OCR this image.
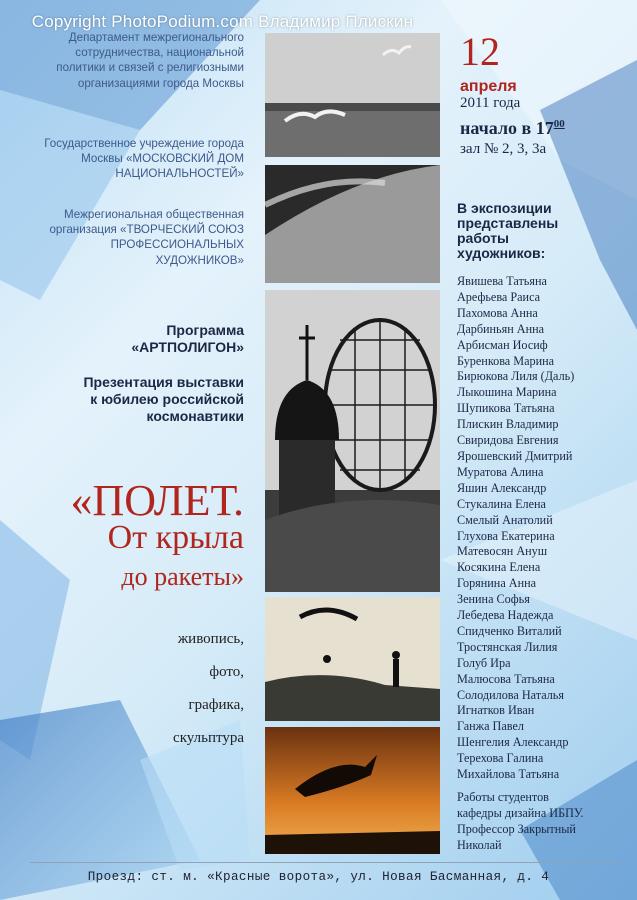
Copyright PhotoPodium.com Владимир Плискин
Департамент межрегионального сотрудничества, национальной политики и связей с религиозными организациями города Москвы
Государственное учреждение города Москвы «МОСКОВСКИЙ ДОМ НАЦИОНАЛЬНОСТЕЙ»
Межрегиональная общественная организация «ТВОРЧЕСКИЙ СОЮЗ ПРОФЕССИОНАЛЬНЫХ ХУДОЖНИКОВ»
Программа
«АРТПОЛИГОН»
Презентация выставки
к юбилею российской
космонавтики
«ПОЛЕТ.
От крыла
до ракеты»
живопись,
фото,
графика,
скульптура
12
апреля
2011 года
начало в $17^{00}$
зал № 2, 3, 3а
В экспозиции
представлены
работы
художников:
Явишева Татьяна
Арефьева Раиса
Пахомова Анна
Дарбиньян Анна
Арбисман Иосиф
Буренкова Марина
Бирюкова Лиля (Даль)
Лыкошина Марина
Шупикова Татьяна
Плискин Владимир
Свиридова Евгения
Ярошевский Дмитрий
Муратова Алина
Яшин Александр
Стукалина Елена
Смелый Анатолий
Глухова Екатерина
Матевосян Ануш
Косякина Елена
Горянина Анна
Зенина Софья
Лебедева Надежда
Спидченко Виталий
Тростянская Лилия
Голуб Ира
Малюсова Татьяна
Солодилова Наталья
Игнатков Иван
Ганжа Павел
Шенгелия Александр
Терехова Галина
Михайлова Татьяна
Работы студентов
кафедры дизайна ИБПУ.
Профессор Закрытный
Николай
Проезд: ст. м. «Красные ворота», ул. Новая Басманная, д. 4
